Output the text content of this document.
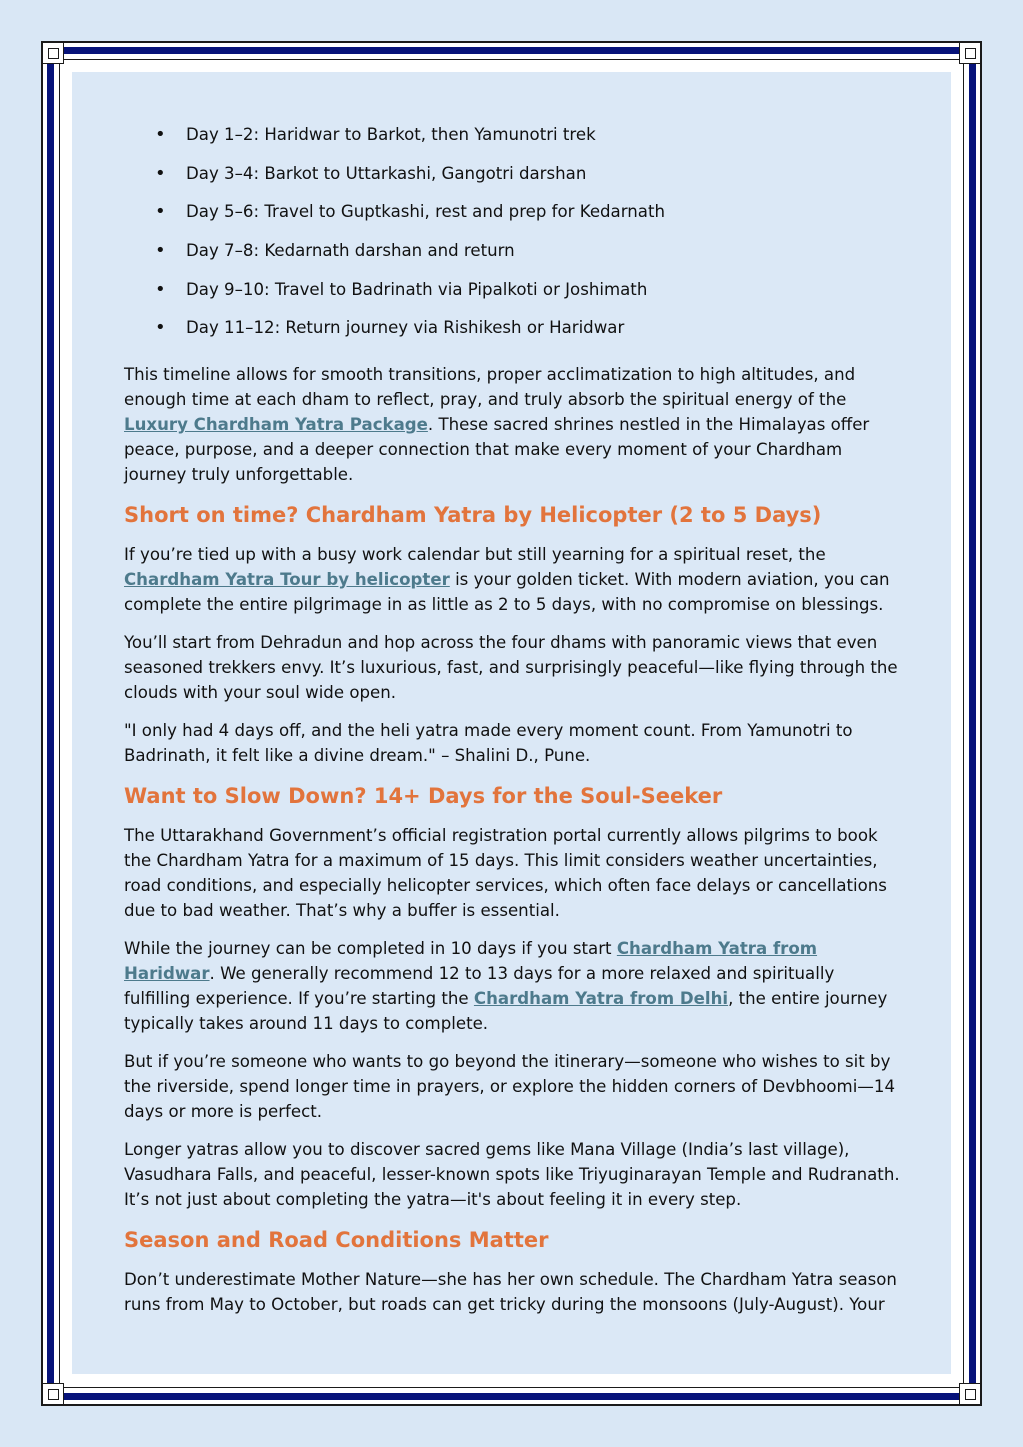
• Day 1–2: Haridwar to Barkot, then Yamunotri trek
• Day 3–4: Barkot to Uttarkashi, Gangotri darshan
• Day 5–6: Travel to Guptkashi, rest and prep for Kedarnath
• Day 7–8: Kedarnath darshan and return
• Day 9–10: Travel to Badrinath via Pipalkoti or Joshimath
• Day 11–12: Return journey via Rishikesh or Haridwar

This timeline allows for smooth transitions, proper acclimatization to high altitudes, and enough time at each dham to reflect, pray, and truly absorb the spiritual energy of the Luxury Chardham Yatra Package. These sacred shrines nestled in the Himalayas offer peace, purpose, and a deeper connection that make every moment of your Chardham journey truly unforgettable.

Short on time? Chardham Yatra by Helicopter (2 to 5 Days)

If you’re tied up with a busy work calendar but still yearning for a spiritual reset, the Chardham Yatra Tour by helicopter is your golden ticket. With modern aviation, you can complete the entire pilgrimage in as little as 2 to 5 days, with no compromise on blessings.

You’ll start from Dehradun and hop across the four dhams with panoramic views that even seasoned trekkers envy. It’s luxurious, fast, and surprisingly peaceful—like flying through the clouds with your soul wide open.

"I only had 4 days off, and the heli yatra made every moment count. From Yamunotri to Badrinath, it felt like a divine dream." – Shalini D., Pune.

Want to Slow Down? 14+ Days for the Soul-Seeker

The Uttarakhand Government’s official registration portal currently allows pilgrims to book the Chardham Yatra for a maximum of 15 days. This limit considers weather uncertainties, road conditions, and especially helicopter services, which often face delays or cancellations due to bad weather. That’s why a buffer is essential.

While the journey can be completed in 10 days if you start Chardham Yatra from Haridwar. We generally recommend 12 to 13 days for a more relaxed and spiritually fulfilling experience. If you’re starting the Chardham Yatra from Delhi, the entire journey typically takes around 11 days to complete.

But if you’re someone who wants to go beyond the itinerary—someone who wishes to sit by the riverside, spend longer time in prayers, or explore the hidden corners of Devbhoomi—14 days or more is perfect.

Longer yatras allow you to discover sacred gems like Mana Village (India’s last village), Vasudhara Falls, and peaceful, lesser-known spots like Triyuginarayan Temple and Rudranath. It’s not just about completing the yatra—it's about feeling it in every step.

Season and Road Conditions Matter

Don’t underestimate Mother Nature—she has her own schedule. The Chardham Yatra season runs from May to October, but roads can get tricky during the monsoons (July-August). Your
